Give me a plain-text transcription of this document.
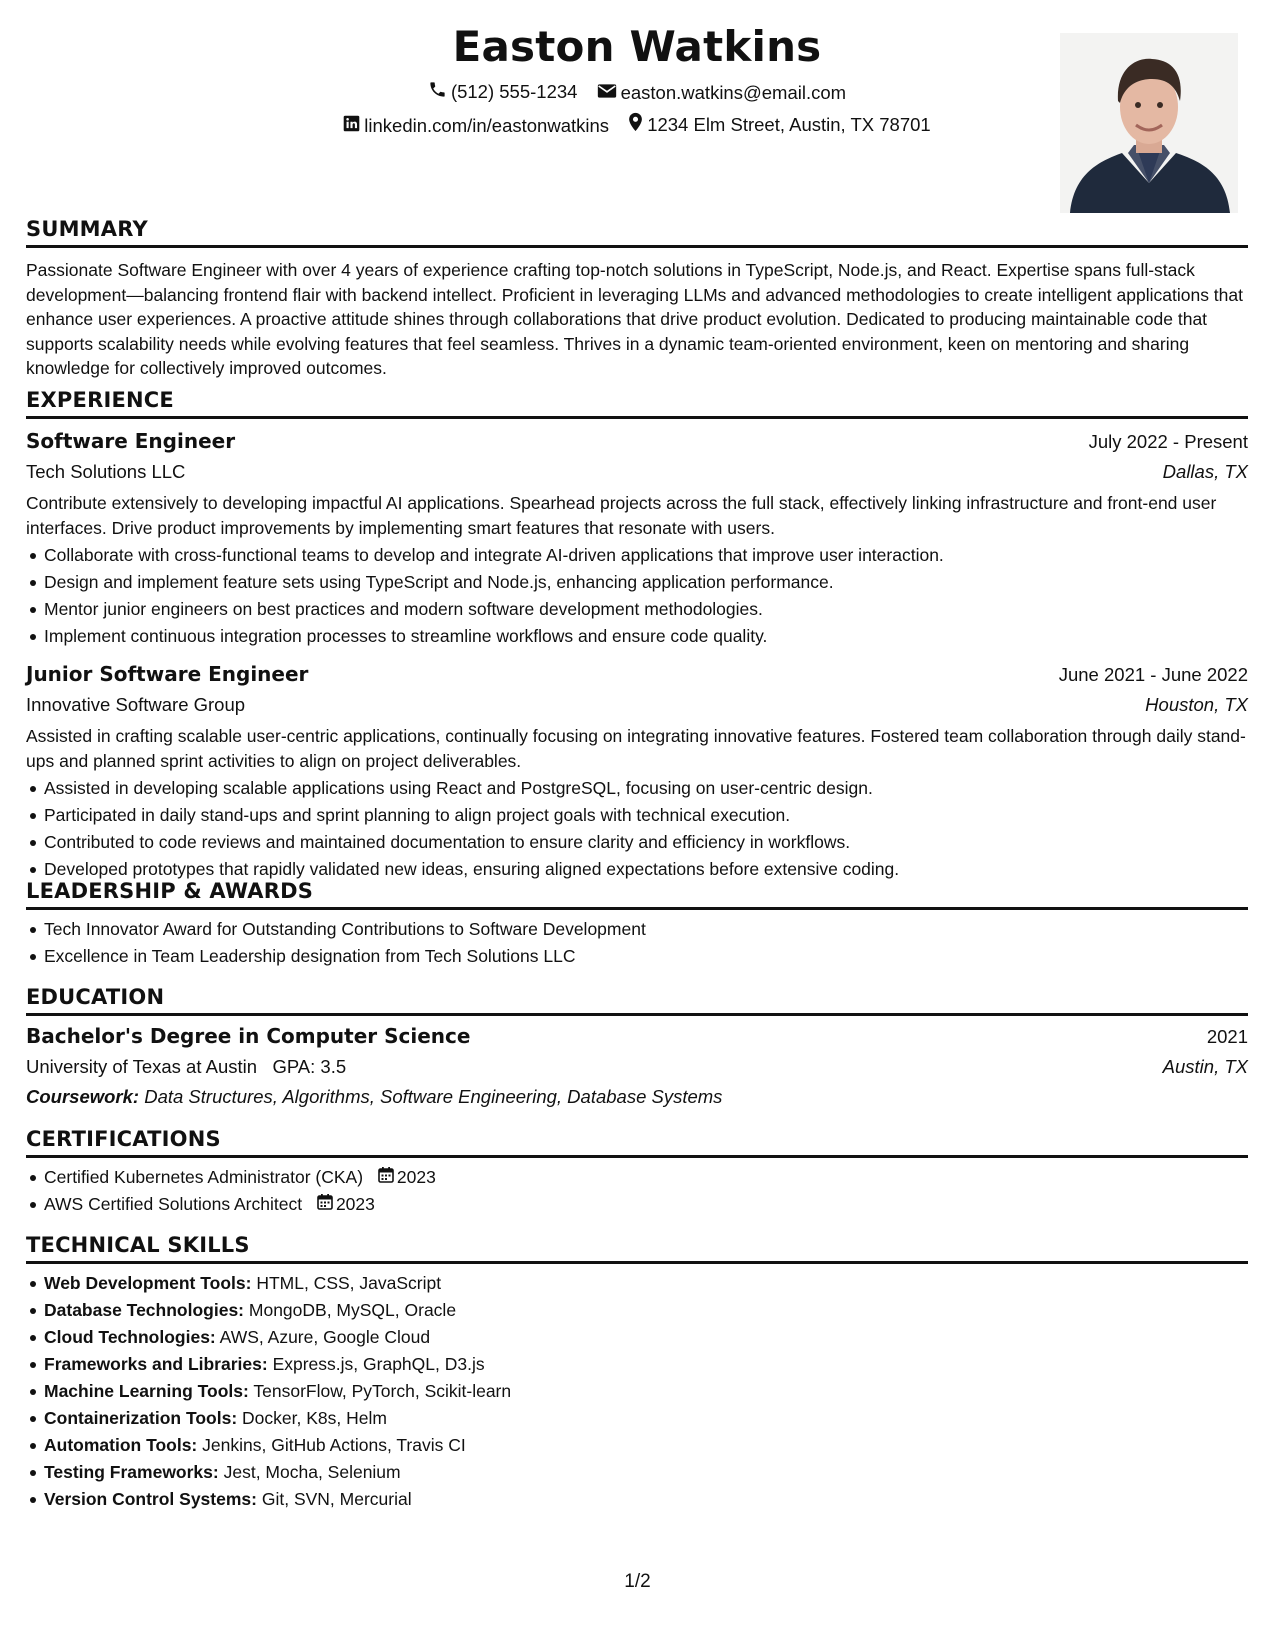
Easton Watkins
(512) 555-1234
easton.watkins@email.com
linkedin.com/in/eastonwatkins
1234 Elm Street, Austin, TX 78701
SUMMARY
Passionate Software Engineer with over 4 years of experience crafting top-notch solutions in TypeScript, Node.js, and React. Expertise spans full-stack development—balancing frontend flair with backend intellect. Proficient in leveraging LLMs and advanced methodologies to create intelligent applications that enhance user experiences. A proactive attitude shines through collaborations that drive product evolution. Dedicated to producing maintainable code that supports scalability needs while evolving features that feel seamless. Thrives in a dynamic team-oriented environment, keen on mentoring and sharing knowledge for collectively improved outcomes.
EXPERIENCE
Software Engineer	July 2022 - Present
Tech Solutions LLC	Dallas, TX
Contribute extensively to developing impactful AI applications. Spearhead projects across the full stack, effectively linking infrastructure and front-end user interfaces. Drive product improvements by implementing smart features that resonate with users.
Collaborate with cross-functional teams to develop and integrate AI-driven applications that improve user interaction.
Design and implement feature sets using TypeScript and Node.js, enhancing application performance.
Mentor junior engineers on best practices and modern software development methodologies.
Implement continuous integration processes to streamline workflows and ensure code quality.
Junior Software Engineer	June 2021 - June 2022
Innovative Software Group	Houston, TX
Assisted in crafting scalable user-centric applications, continually focusing on integrating innovative features. Fostered team collaboration through daily stand-ups and planned sprint activities to align on project deliverables.
Assisted in developing scalable applications using React and PostgreSQL, focusing on user-centric design.
Participated in daily stand-ups and sprint planning to align project goals with technical execution.
Contributed to code reviews and maintained documentation to ensure clarity and efficiency in workflows.
Developed prototypes that rapidly validated new ideas, ensuring aligned expectations before extensive coding.
LEADERSHIP & AWARDS
Tech Innovator Award for Outstanding Contributions to Software Development
Excellence in Team Leadership designation from Tech Solutions LLC
EDUCATION
Bachelor's Degree in Computer Science	2021
University of Texas at Austin GPA: 3.5	Austin, TX
Coursework: Data Structures, Algorithms, Software Engineering, Database Systems
CERTIFICATIONS
Certified Kubernetes Administrator (CKA) 2023
AWS Certified Solutions Architect 2023
TECHNICAL SKILLS
Web Development Tools: HTML, CSS, JavaScript
Database Technologies: MongoDB, MySQL, Oracle
Cloud Technologies: AWS, Azure, Google Cloud
Frameworks and Libraries: Express.js, GraphQL, D3.js
Machine Learning Tools: TensorFlow, PyTorch, Scikit-learn
Containerization Tools: Docker, K8s, Helm
Automation Tools: Jenkins, GitHub Actions, Travis CI
Testing Frameworks: Jest, Mocha, Selenium
Version Control Systems: Git, SVN, Mercurial
1/2
